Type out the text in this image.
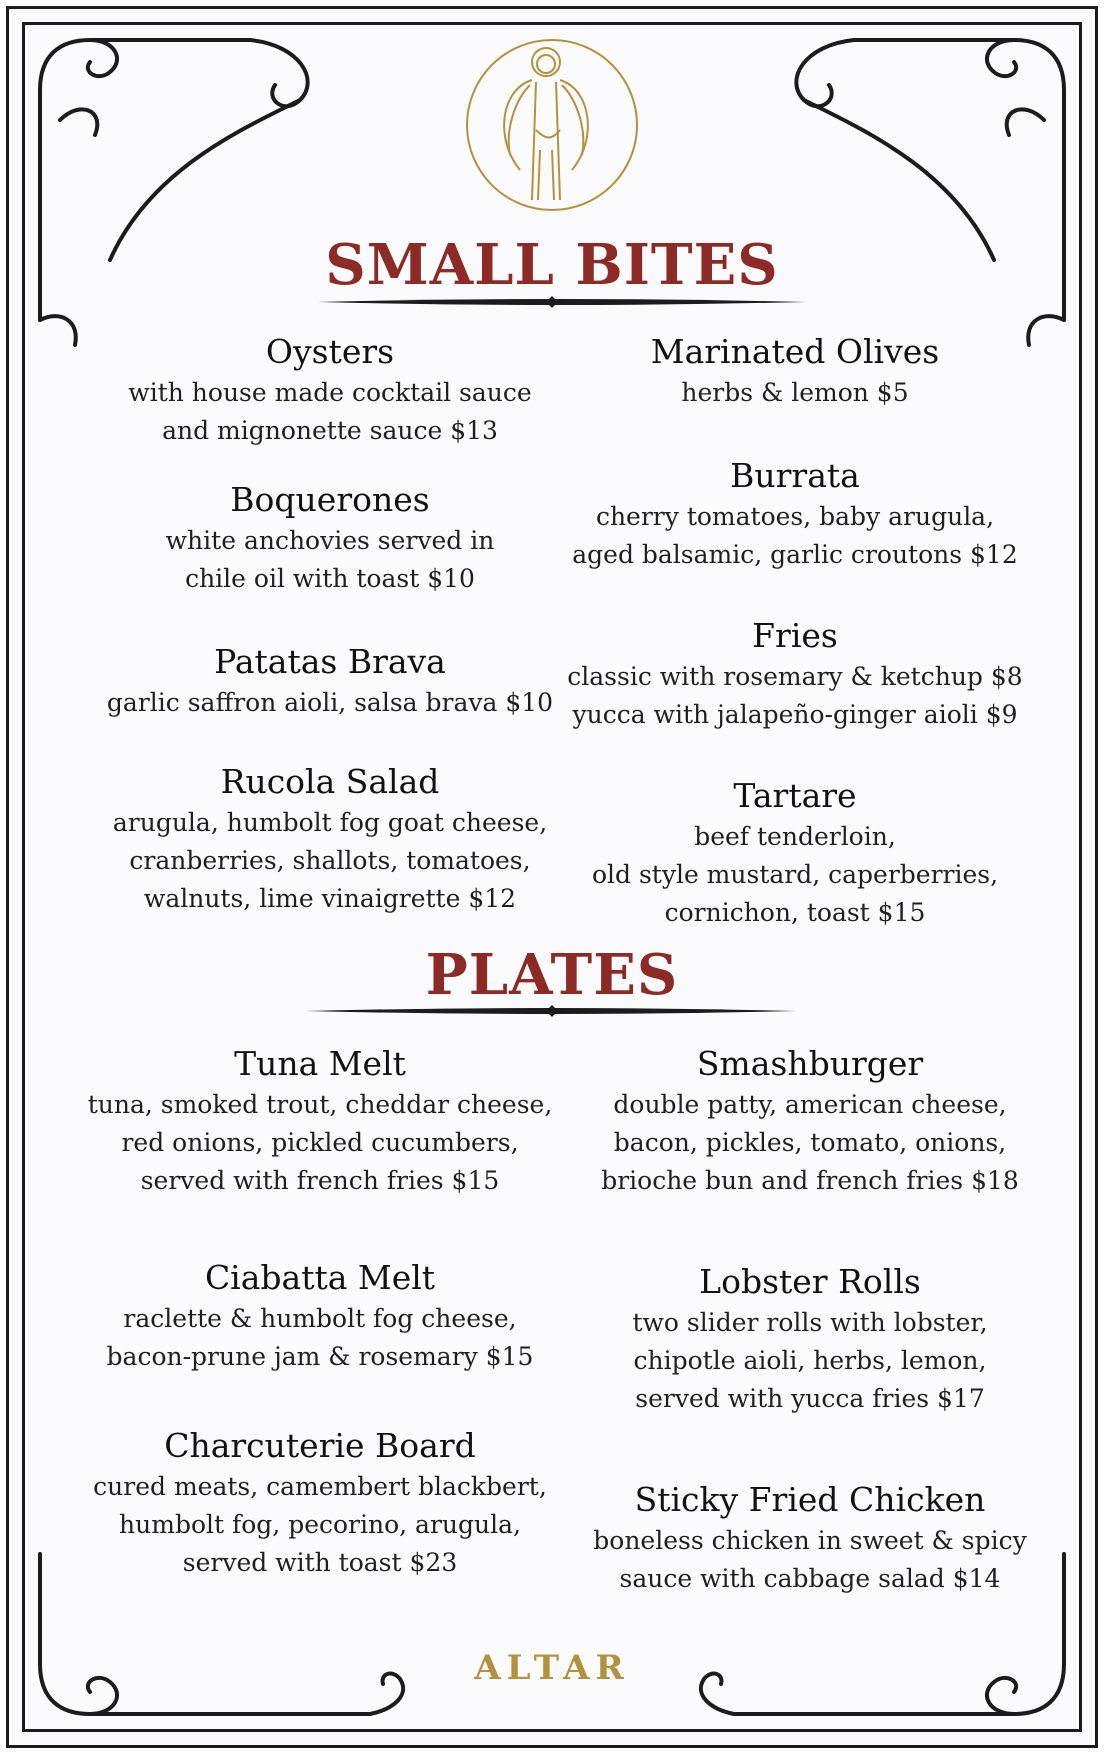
SMALL BITES
Oysters
with house made cocktail sauce
and mignonette sauce $13
Boquerones
white anchovies served in
chile oil with toast $10
Patatas Brava
garlic saffron aioli, salsa brava $10
Rucola Salad
arugula, humbolt fog goat cheese,
cranberries, shallots, tomatoes,
walnuts, lime vinaigrette $12
Marinated Olives
herbs & lemon $5
Burrata
cherry tomatoes, baby arugula,
aged balsamic, garlic croutons $12
Fries
classic with rosemary & ketchup $8
yucca with jalapeño-ginger aioli $9
Tartare
beef tenderloin,
old style mustard, caperberries,
cornichon, toast $15
PLATES
Tuna Melt
tuna, smoked trout, cheddar cheese,
red onions, pickled cucumbers,
served with french fries $15
Ciabatta Melt
raclette & humbolt fog cheese,
bacon-prune jam & rosemary $15
Charcuterie Board
cured meats, camembert blackbert,
humbolt fog, pecorino, arugula,
served with toast $23
Smashburger
double patty, american cheese,
bacon, pickles, tomato, onions,
brioche bun and french fries $18
Lobster Rolls
two slider rolls with lobster,
chipotle aioli, herbs, lemon,
served with yucca fries $17
Sticky Fried Chicken
boneless chicken in sweet & spicy
sauce with cabbage salad $14
ALTAR
